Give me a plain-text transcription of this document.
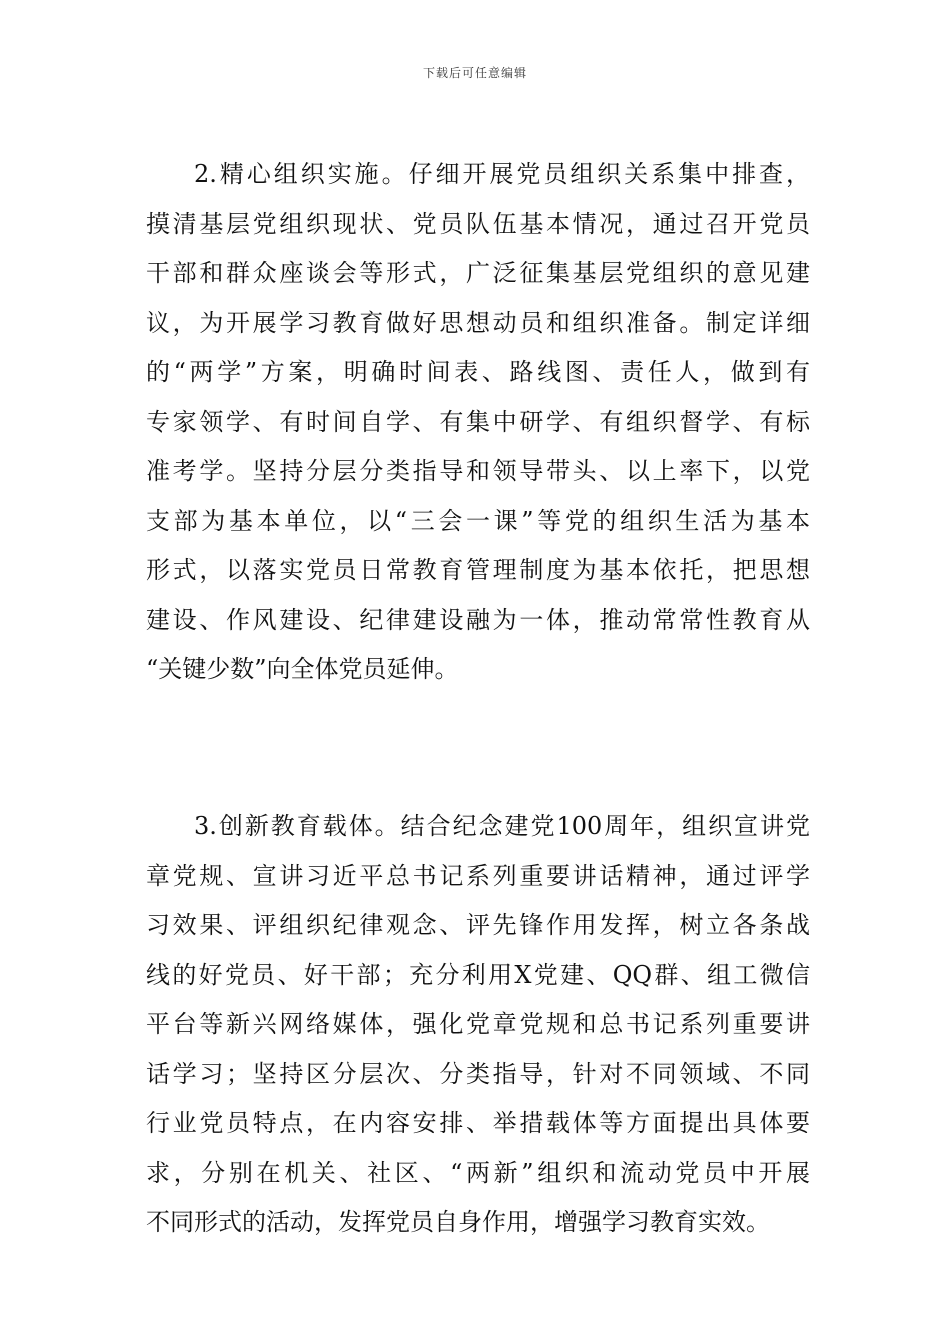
下载后可任意编辑
2.精心组织实施。仔细开展党员组织关系集中排查，
摸清基层党组织现状、党员队伍基本情况，通过召开党员
干部和群众座谈会等形式，广泛征集基层党组织的意见建
议，为开展学习教育做好思想动员和组织准备。制定详细
的“两学”方案，明确时间表、路线图、责任人，做到有
专家领学、有时间自学、有集中研学、有组织督学、有标
准考学。坚持分层分类指导和领导带头、以上率下，以党
支部为基本单位，以“三会一课”等党的组织生活为基本
形式，以落实党员日常教育管理制度为基本依托，把思想
建设、作风建设、纪律建设融为一体，推动常常性教育从
“关键少数”向全体党员延伸。
3.创新教育载体。结合纪念建党100周年，组织宣讲党
章党规、宣讲习近平总书记系列重要讲话精神，通过评学
习效果、评组织纪律观念、评先锋作用发挥，树立各条战
线的好党员、好干部；充分利用X党建、QQ群、组工微信
平台等新兴网络媒体，强化党章党规和总书记系列重要讲
话学习；坚持区分层次、分类指导，针对不同领域、不同
行业党员特点，在内容安排、举措载体等方面提出具体要
求，分别在机关、社区、“两新”组织和流动党员中开展
不同形式的活动，发挥党员自身作用，增强学习教育实效。
